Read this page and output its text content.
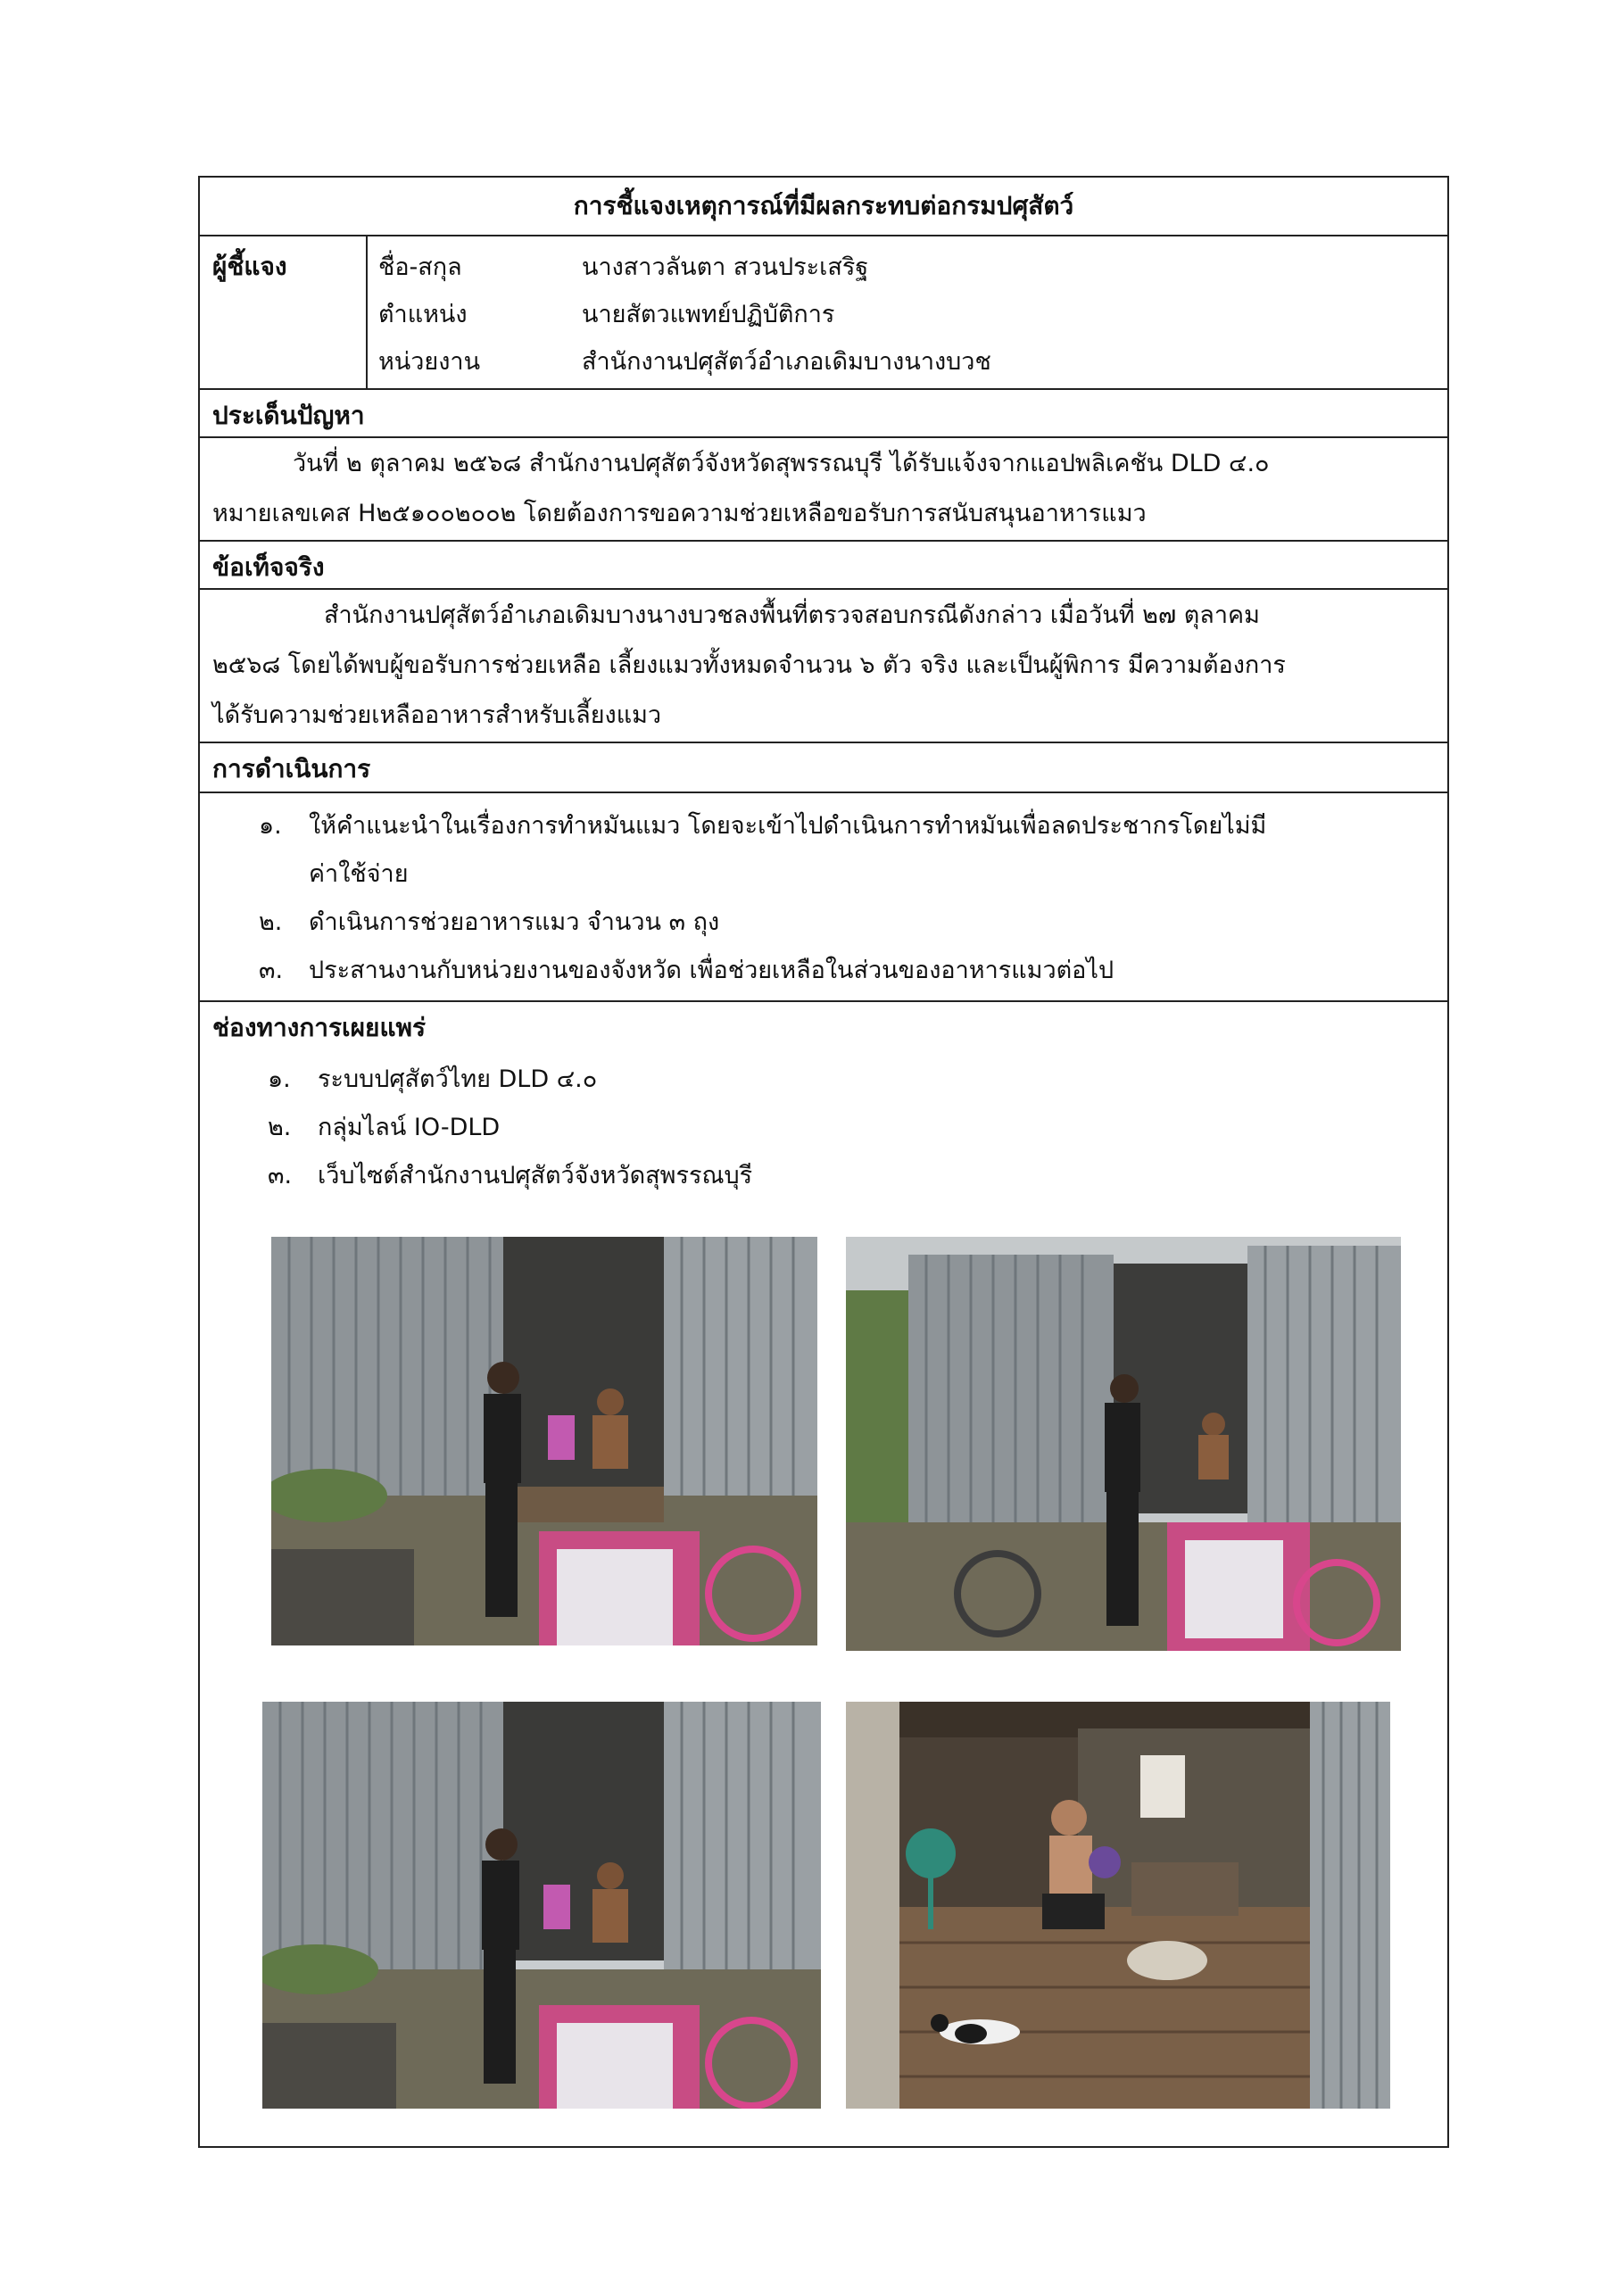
การชี้แจงเหตุการณ์ที่มีผลกระทบต่อกรมปศุสัตว์
ผู้ชี้แจง	ชื่อ-สกุล	นางสาวลันตา สวนประเสริฐ
ตำแหน่ง	นายสัตวแพทย์ปฏิบัติการ
หน่วยงาน	สำนักงานปศุสัตว์อำเภอเดิมบางนางบวช
ประเด็นปัญหา
วันที่ ๒ ตุลาคม ๒๕๖๘ สำนักงานปศุสัตว์จังหวัดสุพรรณบุรี ได้รับแจ้งจากแอปพลิเคชัน DLD ๔.๐
หมายเลขเคส H๒๕๑๐๐๒๐๐๒ โดยต้องการขอความช่วยเหลือขอรับการสนับสนุนอาหารแมว
ข้อเท็จจริง
สำนักงานปศุสัตว์อำเภอเดิมบางนางบวชลงพื้นที่ตรวจสอบกรณีดังกล่าว เมื่อวันที่ ๒๗ ตุลาคม
๒๕๖๘ โดยได้พบผู้ขอรับการช่วยเหลือ เลี้ยงแมวทั้งหมดจำนวน ๖ ตัว จริง และเป็นผู้พิการ มีความต้องการ
ได้รับความช่วยเหลืออาหารสำหรับเลี้ยงแมว
การดำเนินการ
๑. ให้คำแนะนำในเรื่องการทำหมันแมว โดยจะเข้าไปดำเนินการทำหมันเพื่อลดประชากรโดยไม่มี
ค่าใช้จ่าย
๒. ดำเนินการช่วยอาหารแมว จำนวน ๓ ถุง
๓. ประสานงานกับหน่วยงานของจังหวัด เพื่อช่วยเหลือในส่วนของอาหารแมวต่อไป
ช่องทางการเผยแพร่
๑. ระบบปศุสัตว์ไทย DLD ๔.๐
๒. กลุ่มไลน์ IO-DLD
๓. เว็บไซต์สำนักงานปศุสัตว์จังหวัดสุพรรณบุรี
